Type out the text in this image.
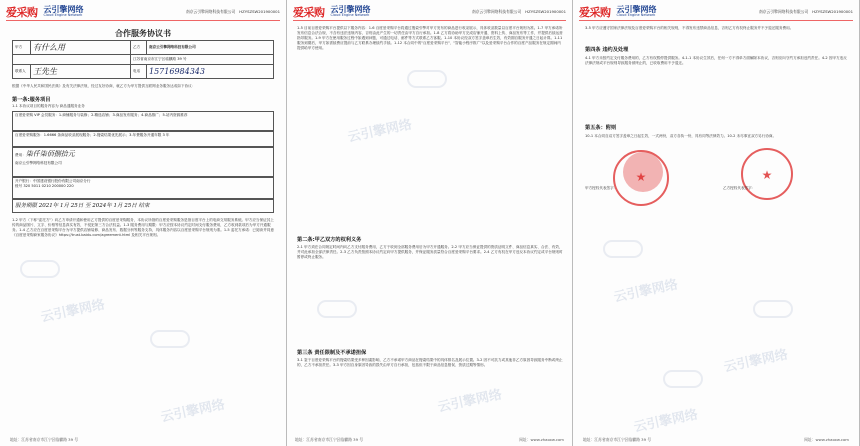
爱采购 云引擎网络
Cloud Engine Network
南京云引擎网络科技有限公司 HZYSZSW201900001
合作服务协议书
甲方	有什么用	乙方	南京云引擎网络科技有限公司
		江苏省南京市江宁区临麒路 39 号	
联系人	王先生	电话	15716984343
根据《中华人民共和国民法典》及有关法律法规，经过友好协商，就乙方为甲方提供互联网业务服务达成如下协议：
第一条:服务项目
1-1 本协议项目的服务内容为 商品通服务业务
百度爱采购 VIP 会员服务：1.商铺服务与装修；2.精选店铺；3.商品发布服务；4.商品推广；5.站内资源推荐
百度爱采购服务：1.6666 条商品收录展现服务；2.搜索结果优先展示；3.年费服务开通年限 3 年
费用：柒仟柒佰捌拾元
南京云引擎网络科技有限公司
开户银行：中国建设银行股份有限公司南京分行
账号 320 5011 0210 200000 220
服务期限 2021年 1月 25日 至 2024年 1月 25日 结束
1-2 甲方（下称"委托方"）向乙方申请开通和使用乙方提供的百度爱采购服务，本协议所指的百度爱采购服务是指百度平台上的电商交易服务系统。甲方应当保证其上传的商品图片、文字、价格等信息真实有效，不侵犯第三方合法权益。1-3 服务费用与期限：甲方应按本协议约定时间支付服务费用，乙方收到款项后为甲方开通服务。1-4 乙方应在百度爱采购平台为甲方提供店铺装修、商品发布、数据分析等服务支持，具体服务内容以百度爱采购平台规则为准。1-5 委托方承诺：已阅读并同意《百度爱采购商家服务协议》https://trust.baidu.com/agreement.html 及相关平台规则。
地址：江苏省南京市江宁区临麒路 39 号
云引擎网络
云引擎网络
爱采购 云引擎网络
Cloud Engine Network
南京云引擎网络科技有限公司 HZYSZSW201900001
1-5 目前百度爱采购平台提供以下服务内容：1-6 百度爱采购平台将通过搜索引擎对甲方发布的商品进行收录展示，具体收录数量以百度平台规则为准。1-7 甲方承诺所发布信息合法合规，不含有违法违规内容，否则由此产生的一切责任由甲方自行承担。1-8 乙方将协助甲方完成店铺开通、资料上传、商品发布等工作，并提供后续运营指导服务。1-9 甲方在使用服务过程中如遇到问题，可通过电话、邮件等方式联系乙方客服。1-10 本协议经双方签字盖章后生效，有效期自服务开通之日起计算。1-11 服务到期后，甲方如需续费应提前与乙方联系办理续约手续。1-12 本合同中的"百度爱采购平台"、"智能小程序推广"以及爱采购平台合作的百度产品服务在规定期间内提供给甲方使用。
第二条:甲乙双方的权利义务
2-1 甲方须在合同规定时间内向乙方支付服务费用，乙方于收到全部服务费用后为甲方开通服务。2-2 甲方应当保证提供的资质证明文件、商品信息真实、合法、有效，并对此承担全部法律责任。2-3 乙方负责按照本协议约定向甲方提供服务，并保证服务质量符合百度爱采购平台要求。2-4 乙方有权在甲方违反本协议约定或平台规则时暂停或终止服务。
第三条 责任限制及不承诺担保
3-1 鉴于百度爱采购平台的搜索结果受多种因素影响，乙方不承诺甲方商品在搜索结果中的具体排名及展示位置。3-2 因不可抗力或其他非乙方原因导致服务中断或终止的，乙方不承担责任。3-3 甲方因自身原因导致的损失由甲方自行承担，包括但不限于商品信息错误、资质过期等情形。
地址：江苏省南京市江宁区临麒路 39 号	网址：www.zhaoxw.com
云引擎网络
云引擎网络
爱采购 云引擎网络
Cloud Engine Network
南京云引擎网络科技有限公司 HZYSZSW201900001
3-5 甲方应遵守国家法律法规及百度爱采购平台的相关规则，不得发布违禁商品信息，否则乙方有权终止服务并不予退还服务费用。
第四条 违约及处理
4-1 甲方未按约定支付服务费用的，乙方有权暂停提供服务。4-1-1 本协议生效后，任何一方不得单方面解除本协议，否则应向守约方承担违约责任。4-2 因甲方违反法律法规或平台规则导致服务被终止的，已收取费用不予退还。
第五条：附则
10-1 本合同自双方签字盖章之日起生效，一式两份，双方各执一份，具有同等法律效力。10-2 未尽事宜双方另行协商。
★	★
甲方授权代表签字：	乙方授权代表签字：
地址：江苏省南京市江宁区临麒路 39 号	网址：www.zhaoxw.com
云引擎网络
云引擎网络
云引擎网络
